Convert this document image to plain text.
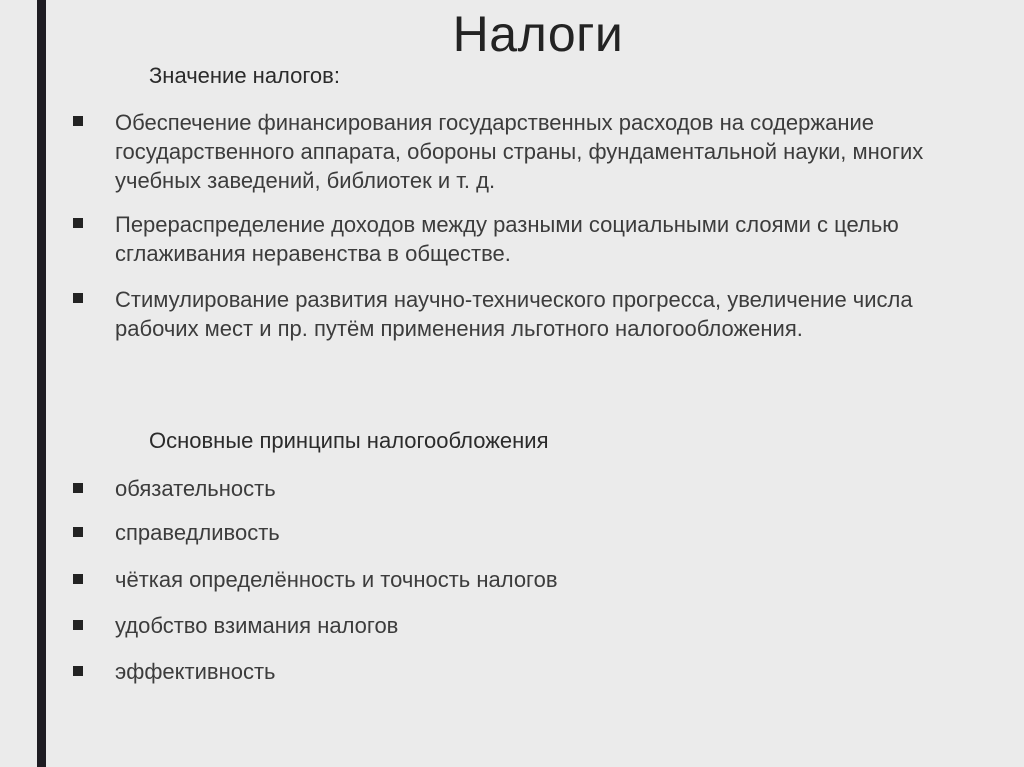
Налоги
Значение налогов:
Обеспечение финансирования государственных расходов на содержание государственного аппарата, обороны страны, фундаментальной науки, многих учебных заведений, библиотек и т. д.
Перераспределение доходов между разными социальными слоями с целью сглаживания неравенства в обществе.
Стимулирование развития научно-технического прогресса, увеличение числа рабочих мест и пр. путём применения льготного налогообложения.
Основные принципы налогообложения
обязательность
справедливость
чёткая определённость и точность налогов
удобство взимания налогов
эффективность
